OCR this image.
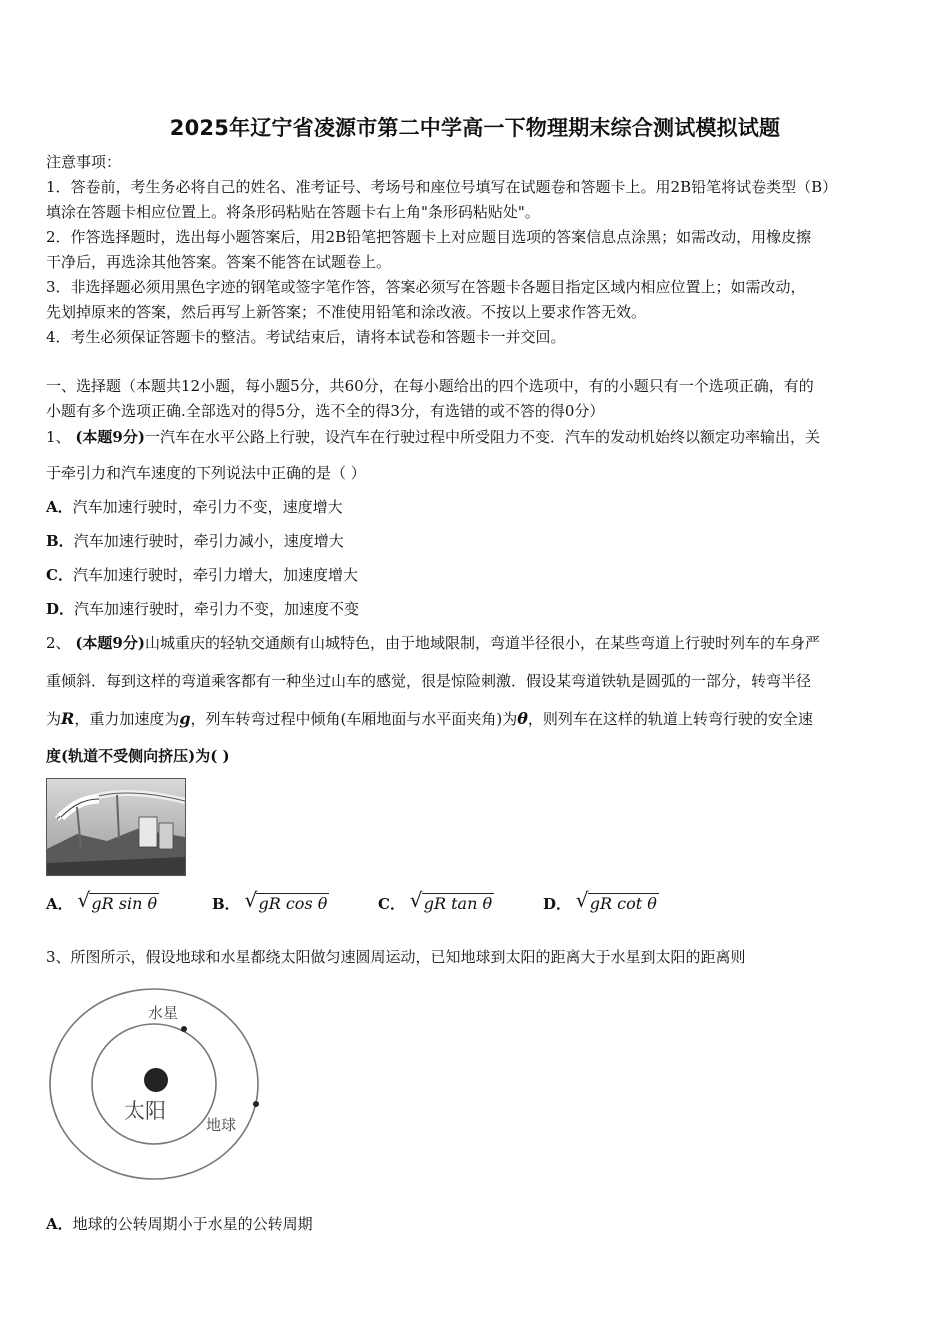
2025年辽宁省凌源市第二中学高一下物理期末综合测试模拟试题
注意事项：
1．答卷前，考生务必将自己的姓名、准考证号、考场号和座位号填写在试题卷和答题卡上。用2B铅笔将试卷类型（B）
填涂在答题卡相应位置上。将条形码粘贴在答题卡右上角"条形码粘贴处"。
2．作答选择题时，选出每小题答案后，用2B铅笔把答题卡上对应题目选项的答案信息点涂黑；如需改动，用橡皮擦
干净后，再选涂其他答案。答案不能答在试题卷上。
3．非选择题必须用黑色字迹的钢笔或签字笔作答，答案必须写在答题卡各题目指定区域内相应位置上；如需改动，
先划掉原来的答案，然后再写上新答案；不准使用铅笔和涂改液。不按以上要求作答无效。
4．考生必须保证答题卡的整洁。考试结束后，请将本试卷和答题卡一并交回。
一、选择题（本题共12小题，每小题5分，共60分，在每小题给出的四个选项中，有的小题只有一个选项正确，有的
小题有多个选项正确.全部选对的得5分，选不全的得3分，有选错的或不答的得0分）
1、 (本题9分)一汽车在水平公路上行驶，设汽车在行驶过程中所受阻力不变．汽车的发动机始终以额定功率输出，关
于牵引力和汽车速度的下列说法中正确的是（ ）
A．汽车加速行驶时，牵引力不变，速度增大
B．汽车加速行驶时，牵引力减小，速度增大
C．汽车加速行驶时，牵引力增大，加速度增大
D．汽车加速行驶时，牵引力不变，加速度不变
2、 (本题9分)山城重庆的轻轨交通颇有山城特色，由于地域限制，弯道半径很小，在某些弯道上行驶时列车的车身严
重倾斜．每到这样的弯道乘客都有一种坐过山车的感觉，很是惊险刺激．假设某弯道铁轨是圆弧的一部分，转弯半径
为R，重力加速度为g，列车转弯过程中倾角(车厢地面与水平面夹角)为θ，则列车在这样的轨道上转弯行驶的安全速
度(轨道不受侧向挤压)为( )
A． √ gR sin θ	B． √ gR cos θ	C． √ gR tan θ	D． √ gR cot θ
3、所图所示，假设地球和水星都绕太阳做匀速圆周运动，已知地球到太阳的距离大于水星到太阳的距离则
水星
太阳
地球
A．地球的公转周期小于水星的公转周期
